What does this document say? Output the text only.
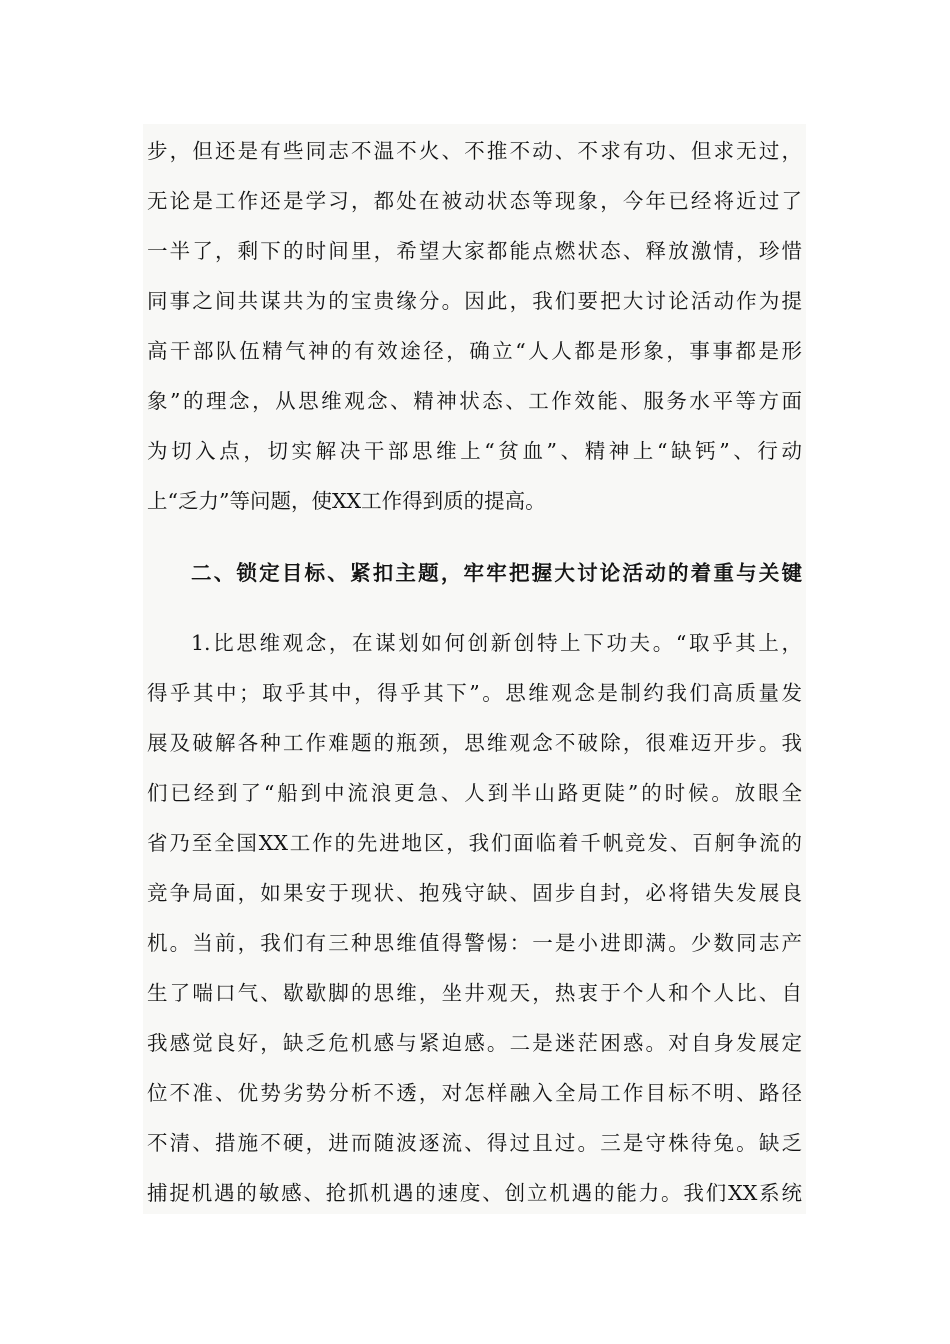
步，但还是有些同志不温不火、不推不动、不求有功、但求无过，
无论是工作还是学习，都处在被动状态等现象，今年已经将近过了
一半了，剩下的时间里，希望大家都能点燃状态、释放激情，珍惜
同事之间共谋共为的宝贵缘分。因此，我们要把大讨论活动作为提
高干部队伍精气神的有效途径，确立“人人都是形象，事事都是形
象”的理念，从思维观念、精神状态、工作效能、服务水平等方面
为切入点，切实解决干部思维上“贫血”、精神上“缺钙”、行动
上“乏力”等问题，使XX工作得到质的提高。
二、锁定目标、紧扣主题，牢牢把握大讨论活动的着重与关键
1.比思维观念，在谋划如何创新创特上下功夫。“取乎其上，
得乎其中；取乎其中，得乎其下”。思维观念是制约我们高质量发
展及破解各种工作难题的瓶颈，思维观念不破除，很难迈开步。我
们已经到了“船到中流浪更急、人到半山路更陡”的时候。放眼全
省乃至全国XX工作的先进地区，我们面临着千帆竞发、百舸争流的
竞争局面，如果安于现状、抱残守缺、固步自封，必将错失发展良
机。当前，我们有三种思维值得警惕：一是小进即满。少数同志产
生了喘口气、歇歇脚的思维，坐井观天，热衷于个人和个人比、自
我感觉良好，缺乏危机感与紧迫感。二是迷茫困惑。对自身发展定
位不准、优势劣势分析不透，对怎样融入全局工作目标不明、路径
不清、措施不硬，进而随波逐流、得过且过。三是守株待兔。缺乏
捕捉机遇的敏感、抢抓机遇的速度、创立机遇的能力。我们XX系统
